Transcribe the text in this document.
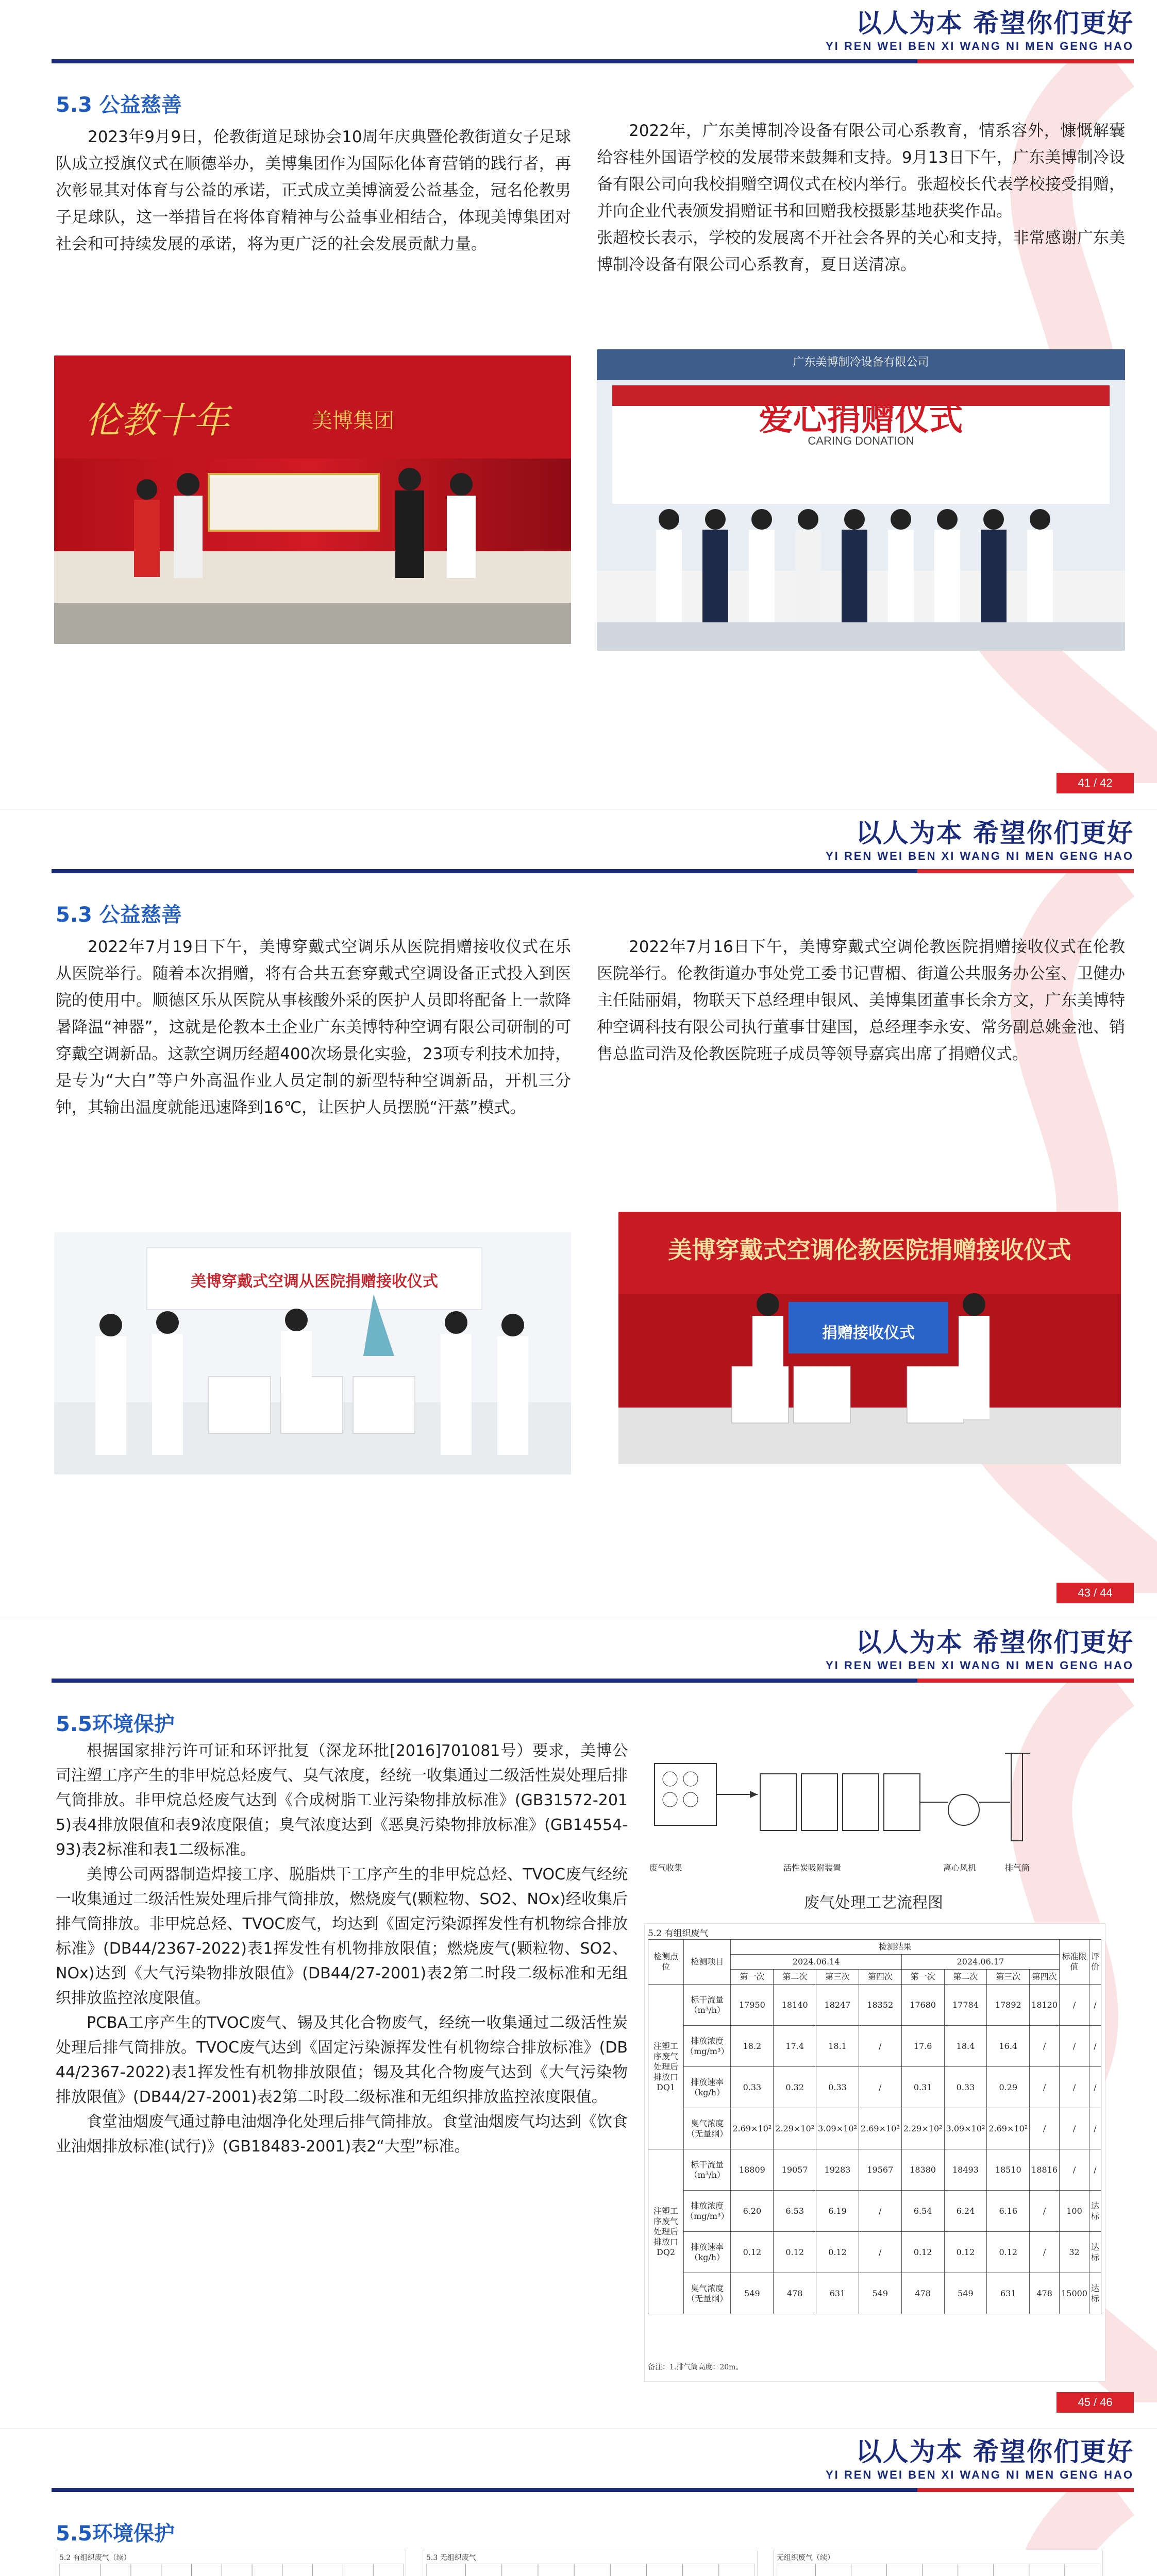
以人为本 希望你们更好
YI REN WEI BEN XI WANG NI MEN GENG HAO
5.3 公益慈善
2023年9月9日，伦教街道足球协会10周年庆典暨伦教街道女子足球队成立授旗仪式在顺德举办，美博集团作为国际化体育营销的践行者，再次彰显其对体育与公益的承诺，正式成立美博滴爱公益基金，冠名伦教男子足球队，这一举措旨在将体育精神与公益事业相结合，体现美博集团对社会和可持续发展的承诺，将为更广泛的社会发展贡献力量。
2022年，广东美博制冷设备有限公司心系教育，情系容外，慷慨解囊给容桂外国语学校的发展带来鼓舞和支持。9月13日下午，广东美博制冷设备有限公司向我校捐赠空调仪式在校内举行。张超校长代表学校接受捐赠，并向企业代表颁发捐赠证书和回赠我校摄影基地获奖作品。
张超校长表示，学校的发展离不开社会各界的关心和支持，非常感谢广东美博制冷设备有限公司心系教育，夏日送清凉。
伦教十年	美博集团	爱心捐赠仪式
CARING DONATION
广东美博制冷设备有限公司
41 / 42
以人为本 希望你们更好
YI REN WEI BEN XI WANG NI MEN GENG HAO
5.3 公益慈善
2022年7月19日下午，美博穿戴式空调乐从医院捐赠接收仪式在乐从医院举行。随着本次捐赠，将有合共五套穿戴式空调设备正式投入到医院的使用中。顺德区乐从医院从事核酸外采的医护人员即将配备上一款降暑降温“神器”，这就是伦教本土企业广东美博特种空调有限公司研制的可穿戴空调新品。这款空调历经超400次场景化实验，23项专利技术加持，是专为“大白”等户外高温作业人员定制的新型特种空调新品，开机三分钟，其输出温度就能迅速降到16℃，让医护人员摆脱“汗蒸”模式。
2022年7月16日下午，美博穿戴式空调伦教医院捐赠接收仪式在伦教医院举行。伦教街道办事处党工委书记曹楣、街道公共服务办公室、卫健办主任陆丽娟，物联天下总经理申银风、美博集团董事长余方文，广东美博特种空调科技有限公司执行董事甘建国，总经理李永安、常务副总姚金池、销售总监司浩及伦教医院班子成员等领导嘉宾出席了捐赠仪式。
美博穿戴式空调从医院捐赠接收仪式
美博穿戴式空调伦教医院捐赠接收仪式
捐赠接收仪式
43 / 44
以人为本 希望你们更好
YI REN WEI BEN XI WANG NI MEN GENG HAO
5.5环境保护
根据国家排污许可证和环评批复（深龙环批[2016]701081号）要求，美博公司注塑工序产生的非甲烷总烃废气、臭气浓度，经统一收集通过二级活性炭处理后排气筒排放。非甲烷总烃废气达到《合成树脂工业污染物排放标准》(GB31572-2015)表4排放限值和表9浓度限值；臭气浓度达到《恶臭污染物排放标准》(GB14554-93)表2标准和表1二级标准。
美博公司两器制造焊接工序、脱脂烘干工序产生的非甲烷总烃、TVOC废气经统一收集通过二级活性炭处理后排气筒排放，燃烧废气(颗粒物、SO2、NOx)经收集后排气筒排放。非甲烷总烃、TVOC废气，均达到《固定污染源挥发性有机物综合排放标准》(DB44/2367-2022)表1挥发性有机物排放限值；燃烧废气(颗粒物、SO2、NOx)达到《大气污染物排放限值》(DB44/27-2001)表2第二时段二级标准和无组织排放监控浓度限值。
PCBA工序产生的TVOC废气、锡及其化合物废气，经统一收集通过二级活性炭处理后排气筒排放。TVOC废气达到《固定污染源挥发性有机物综合排放标准》(DB44/2367-2022)表1挥发性有机物排放限值；锡及其化合物废气达到《大气污染物排放限值》(DB44/27-2001)表2第二时段二级标准和无组织排放监控浓度限值。
食堂油烟废气通过静电油烟净化处理后排气筒排放。食堂油烟废气均达到《饮食业油烟排放标准(试行)》(GB18483-2001)表2“大型”标准。
废气收集	活性炭吸附装置	离心风机	排气筒
废气处理工艺流程图
5.2 有组织废气
检测点位	检测项目	检测结果								标准限值	评价
		2024.06.14				2024.06.17					
		第一次	第二次	第三次	第四次	第一次	第二次	第三次	第四次		
注塑工序废气处理后排放口DQ1	标干流量（m³/h）	17950	18140	18247	18352	17680	17784	17892	18120	/	/
	排放浓度（mg/m³）	18.2	17.4	18.1	/	17.6	18.4	16.4	/	/	/
	排放速率（kg/h）	0.33	0.32	0.33	/	0.31	0.33	0.29	/	/	/
	臭气浓度（无量纲）	2.69×10²	2.29×10²	3.09×10²	2.69×10²	2.29×10²	3.09×10²	2.69×10²	/	/	/
注塑工序废气处理后排放口DQ2	标干流量（m³/h）	18809	19057	19283	19567	18380	18493	18510	18816	/	/
	排放浓度（mg/m³）	6.20	6.53	6.19	/	6.54	6.24	6.16	/	100	达标
	排放速率（kg/h）	0.12	0.12	0.12	/	0.12	0.12	0.12	/	32	达标
	臭气浓度（无量纲）	549	478	631	549	478	549	631	478	15000	达标
备注：1.排气筒高度：20m。
45 / 46
以人为本 希望你们更好
YI REN WEI BEN XI WANG NI MEN GENG HAO
5.5环境保护
5.2 有组织废气（续）	5.3 无组织废气	无组织废气（续）
